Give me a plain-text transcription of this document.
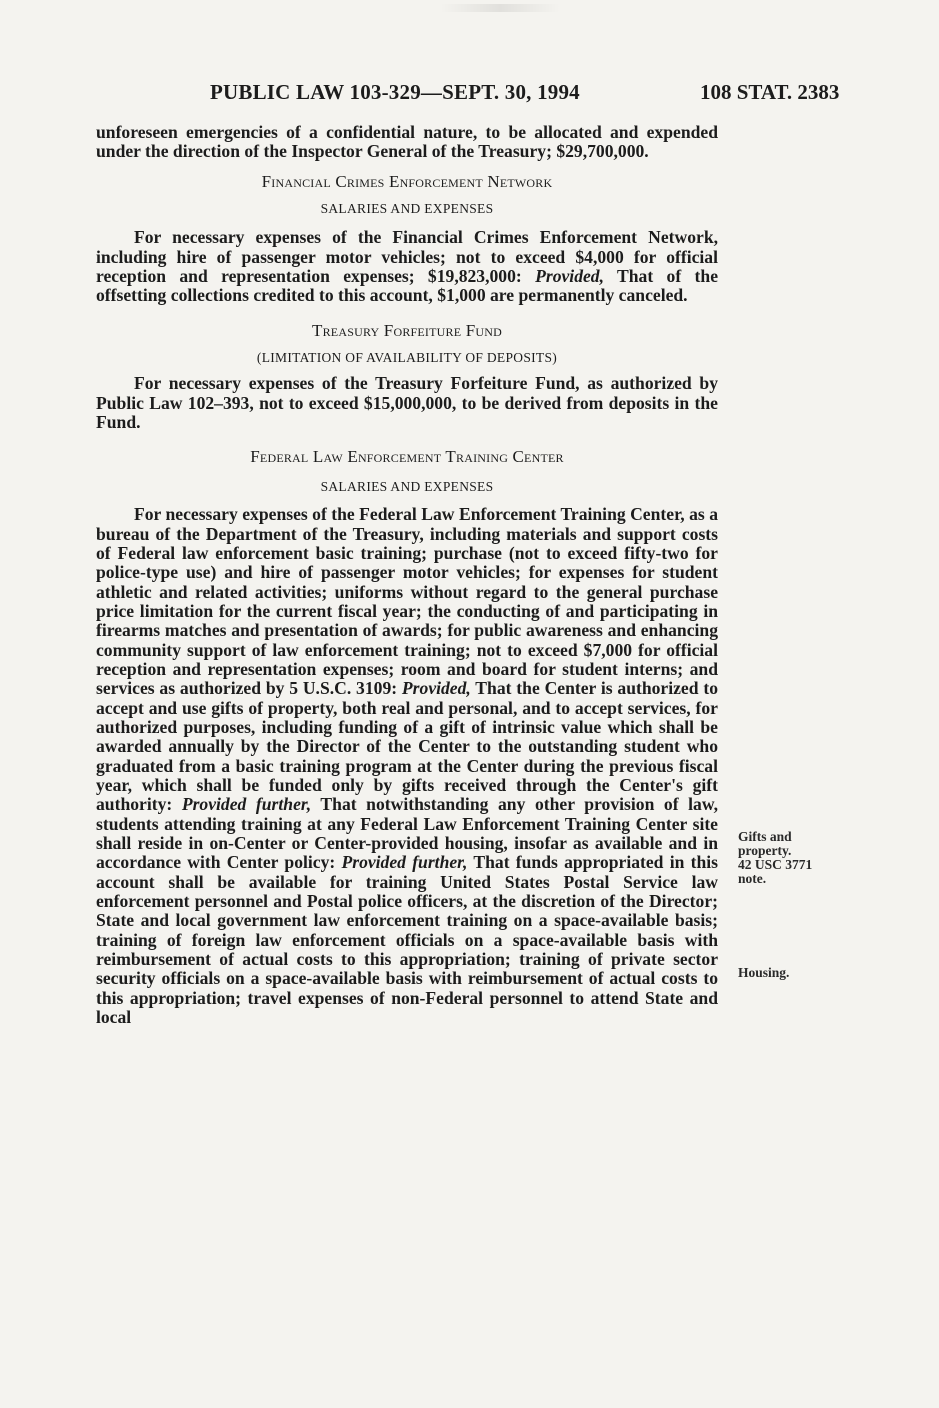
PUBLIC LAW 103-329—SEPT. 30, 1994	108 STAT. 2383

unforeseen emergencies of a confidential nature, to be allocated and expended under the direction of the Inspector General of the Treasury; $29,700,000.

Financial Crimes Enforcement Network

SALARIES AND EXPENSES

For necessary expenses of the Financial Crimes Enforcement Network, including hire of passenger motor vehicles; not to exceed $4,000 for official reception and representation expenses; $19,823,000: Provided, That of the offsetting collections credited to this account, $1,000 are permanently canceled.

Treasury Forfeiture Fund

(LIMITATION OF AVAILABILITY OF DEPOSITS)

For necessary expenses of the Treasury Forfeiture Fund, as authorized by Public Law 102–393, not to exceed $15,000,000, to be derived from deposits in the Fund.

Federal Law Enforcement Training Center

SALARIES AND EXPENSES

For necessary expenses of the Federal Law Enforcement Training Center, as a bureau of the Department of the Treasury, including materials and support costs of Federal law enforcement basic training; purchase (not to exceed fifty-two for police-type use) and hire of passenger motor vehicles; for expenses for student athletic and related activities; uniforms without regard to the general purchase price limitation for the current fiscal year; the conducting of and participating in firearms matches and presentation of awards; for public awareness and enhancing community support of law enforcement training; not to exceed $7,000 for official reception and representation expenses; room and board for student interns; and services as authorized by 5 U.S.C. 3109: Provided, That the Center is authorized to accept and use gifts of property, both real and personal, and to accept services, for authorized purposes, including funding of a gift of intrinsic value which shall be awarded annually by the Director of the Center to the outstanding student who graduated from a basic training program at the Center during the previous fiscal year, which shall be funded only by gifts received through the Center's gift authority: Provided further, That notwithstanding any other provision of law, students attending training at any Federal Law Enforcement Training Center site shall reside in on-Center or Center-provided housing, insofar as available and in accordance with Center policy: Provided further, That funds appropriated in this account shall be available for training United States Postal Service law enforcement personnel and Postal police officers, at the discretion of the Director; State and local government law enforcement training on a space-available basis; training of foreign law enforcement officials on a space-available basis with reimbursement of actual costs to this appropriation; training of private sector security officials on a space-available basis with reimbursement of actual costs to this appropriation; travel expenses of non-Federal personnel to attend State and local

Gifts and
property.
42 USC 3771
note.
Housing.
